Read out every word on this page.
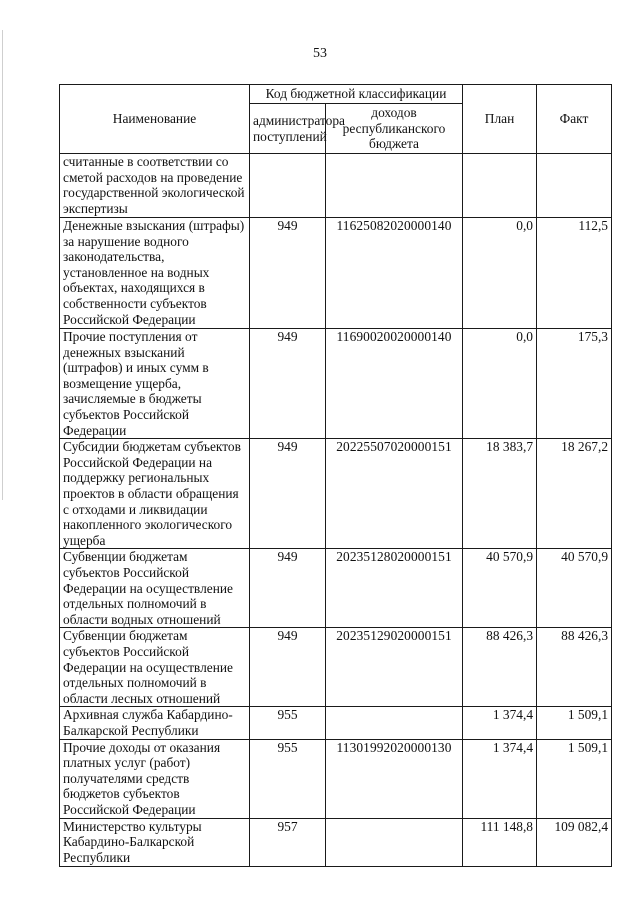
53
Наименование	Код бюджетной классификации		План	Факт
	администратора поступлений	доходов республиканского бюджета		
считанные в соответствии со сметой расходов на проведение государственной экологической экспертизы				
Денежные взыскания (штрафы) за нарушение водного законодательства, установленное на водных объектах, находящихся в собственности субъектов Российской Федерации	949	11625082020000140	0,0	112,5
Прочие поступления от денежных взысканий (штрафов) и иных сумм в возмещение ущерба, зачисляемые в бюджеты субъектов Российской Федерации	949	11690020020000140	0,0	175,3
Субсидии бюджетам субъектов Российской Федерации на поддержку региональных проектов в области обращения с отходами и ликвидации накопленного экологического ущерба	949	20225507020000151	18 383,7	18 267,2
Субвенции бюджетам субъектов Российской Федерации на осуществление отдельных полномочий в области водных отношений	949	20235128020000151	40 570,9	40 570,9
Субвенции бюджетам субъектов Российской Федерации на осуществление отдельных полномочий в области лесных отношений	949	20235129020000151	88 426,3	88 426,3
Архивная служба Кабардино-Балкарской Республики	955		1 374,4	1 509,1
Прочие доходы от оказания платных услуг (работ) получателями средств бюджетов субъектов Российской Федерации	955	11301992020000130	1 374,4	1 509,1
Министерство культуры Кабардино-Балкарской Республики	957		111 148,8	109 082,4
